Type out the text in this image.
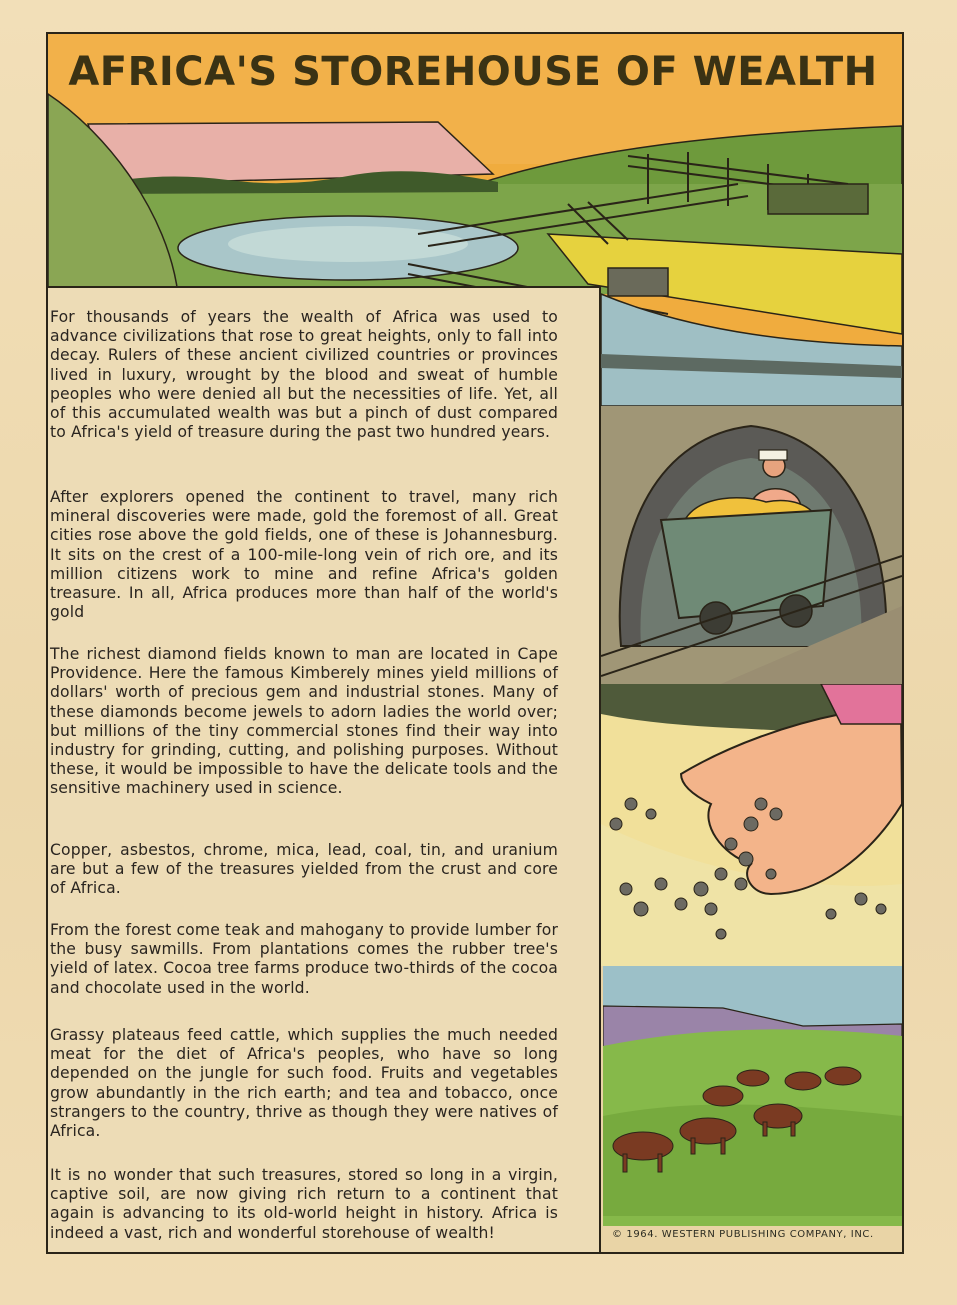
AFRICA'S STOREHOUSE OF WEALTH

For thousands of years the wealth of Africa was used to advance civilizations that rose to great heights, only to fall into decay. Rulers of these ancient civilized countries or provinces lived in luxury, wrought by the blood and sweat of humble peoples who were denied all but the necessities of life. Yet, all of this accumulated wealth was but a pinch of dust compared to Africa's yield of treasure during the past two hundred years.

After explorers opened the continent to travel, many rich mineral discoveries were made, gold the foremost of all. Great cities rose above the gold fields, one of these is Johannesburg. It sits on the crest of a 100-mile-long vein of rich ore, and its million citizens work to mine and refine Africa's golden treasure. In all, Africa produces more than half of the world's gold

The richest diamond fields known to man are located in Cape Providence. Here the famous Kimberely mines yield millions of dollars' worth of precious gem and industrial stones. Many of these diamonds become jewels to adorn ladies the world over; but millions of the tiny commercial stones find their way into industry for grinding, cutting, and polishing purposes. Without these, it would be impossible to have the delicate tools and the sensitive machinery used in science.

Copper, asbestos, chrome, mica, lead, coal, tin, and uranium are but a few of the treasures yielded from the crust and core of Africa.

From the forest come teak and mahogany to provide lumber for the busy sawmills. From plantations comes the rubber tree's yield of latex. Cocoa tree farms produce two-thirds of the cocoa and chocolate used in the world.

Grassy plateaus feed cattle, which supplies the much needed meat for the diet of Africa's peoples, who have so long depended on the jungle for such food. Fruits and vegetables grow abundantly in the rich earth; and tea and tobacco, once strangers to the country, thrive as though they were natives of Africa.

It is no wonder that such treasures, stored so long in a virgin, captive soil, are now giving rich return to a continent that again is advancing to its old-world height in history. Africa is indeed a vast, rich and wonderful storehouse of wealth!	© 1964. WESTERN PUBLISHING COMPANY, INC.
